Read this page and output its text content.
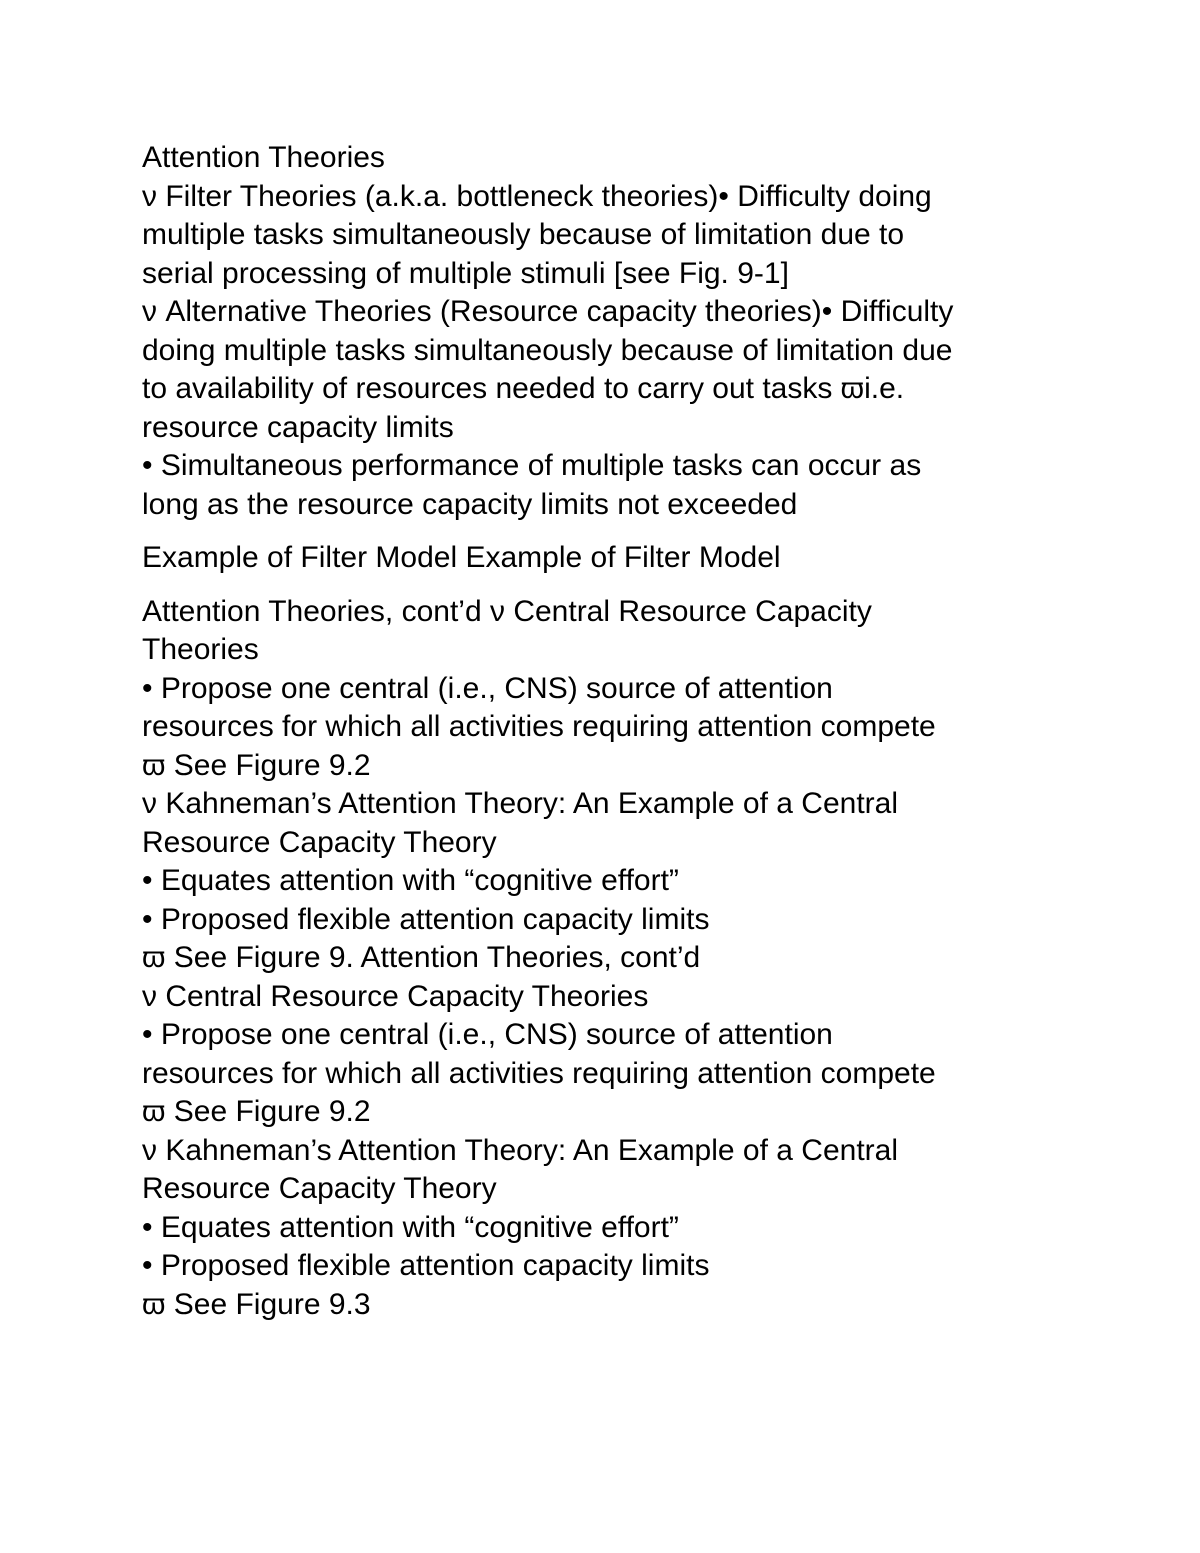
Attention Theories
ν Filter Theories (a.k.a. bottleneck theories)• Difficulty doing
multiple tasks simultaneously because of limitation due to
serial processing of multiple stimuli [see Fig. 9-1]
ν Alternative Theories (Resource capacity theories)• Difficulty
doing multiple tasks simultaneously because of limitation due
to availability of resources needed to carry out tasks ϖi.e.
resource capacity limits
• Simultaneous performance of multiple tasks can occur as
long as the resource capacity limits not exceeded

Example of Filter Model Example of Filter Model

Attention Theories, cont’d ν Central Resource Capacity
Theories
• Propose one central (i.e., CNS) source of attention
resources for which all activities requiring attention compete
ϖ See Figure 9.2
ν Kahneman’s Attention Theory: An Example of a Central
Resource Capacity Theory
• Equates attention with “cognitive effort”
• Proposed flexible attention capacity limits
ϖ See Figure 9. Attention Theories, cont’d
ν Central Resource Capacity Theories
• Propose one central (i.e., CNS) source of attention
resources for which all activities requiring attention compete
ϖ See Figure 9.2
ν Kahneman’s Attention Theory: An Example of a Central
Resource Capacity Theory
• Equates attention with “cognitive effort”
• Proposed flexible attention capacity limits
ϖ See Figure 9.3
